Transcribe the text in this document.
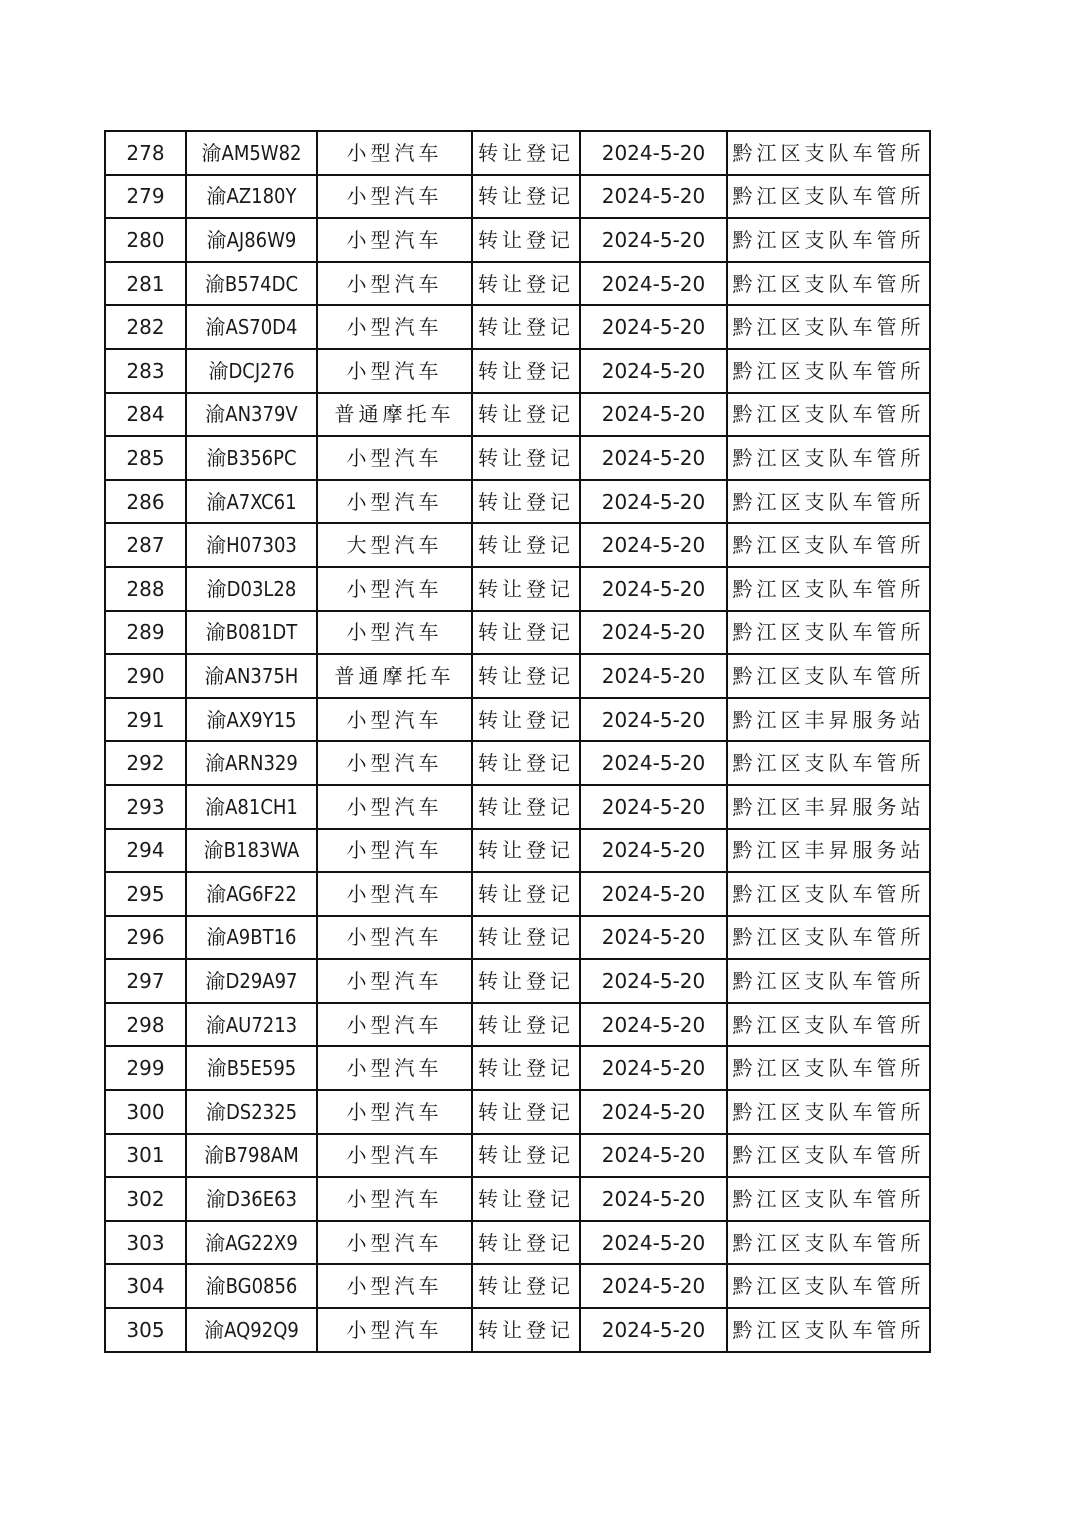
278	渝AM5W82	小型汽车	转让登记	2024-5-20	黔江区支队车管所
279	渝AZ180Y	小型汽车	转让登记	2024-5-20	黔江区支队车管所
280	渝AJ86W9	小型汽车	转让登记	2024-5-20	黔江区支队车管所
281	渝B574DC	小型汽车	转让登记	2024-5-20	黔江区支队车管所
282	渝AS70D4	小型汽车	转让登记	2024-5-20	黔江区支队车管所
283	渝DCJ276	小型汽车	转让登记	2024-5-20	黔江区支队车管所
284	渝AN379V	普通摩托车	转让登记	2024-5-20	黔江区支队车管所
285	渝B356PC	小型汽车	转让登记	2024-5-20	黔江区支队车管所
286	渝A7XC61	小型汽车	转让登记	2024-5-20	黔江区支队车管所
287	渝H07303	大型汽车	转让登记	2024-5-20	黔江区支队车管所
288	渝D03L28	小型汽车	转让登记	2024-5-20	黔江区支队车管所
289	渝B081DT	小型汽车	转让登记	2024-5-20	黔江区支队车管所
290	渝AN375H	普通摩托车	转让登记	2024-5-20	黔江区支队车管所
291	渝AX9Y15	小型汽车	转让登记	2024-5-20	黔江区丰昇服务站
292	渝ARN329	小型汽车	转让登记	2024-5-20	黔江区支队车管所
293	渝A81CH1	小型汽车	转让登记	2024-5-20	黔江区丰昇服务站
294	渝B183WA	小型汽车	转让登记	2024-5-20	黔江区丰昇服务站
295	渝AG6F22	小型汽车	转让登记	2024-5-20	黔江区支队车管所
296	渝A9BT16	小型汽车	转让登记	2024-5-20	黔江区支队车管所
297	渝D29A97	小型汽车	转让登记	2024-5-20	黔江区支队车管所
298	渝AU7213	小型汽车	转让登记	2024-5-20	黔江区支队车管所
299	渝B5E595	小型汽车	转让登记	2024-5-20	黔江区支队车管所
300	渝DS2325	小型汽车	转让登记	2024-5-20	黔江区支队车管所
301	渝B798AM	小型汽车	转让登记	2024-5-20	黔江区支队车管所
302	渝D36E63	小型汽车	转让登记	2024-5-20	黔江区支队车管所
303	渝AG22X9	小型汽车	转让登记	2024-5-20	黔江区支队车管所
304	渝BG0856	小型汽车	转让登记	2024-5-20	黔江区支队车管所
305	渝AQ92Q9	小型汽车	转让登记	2024-5-20	黔江区支队车管所
